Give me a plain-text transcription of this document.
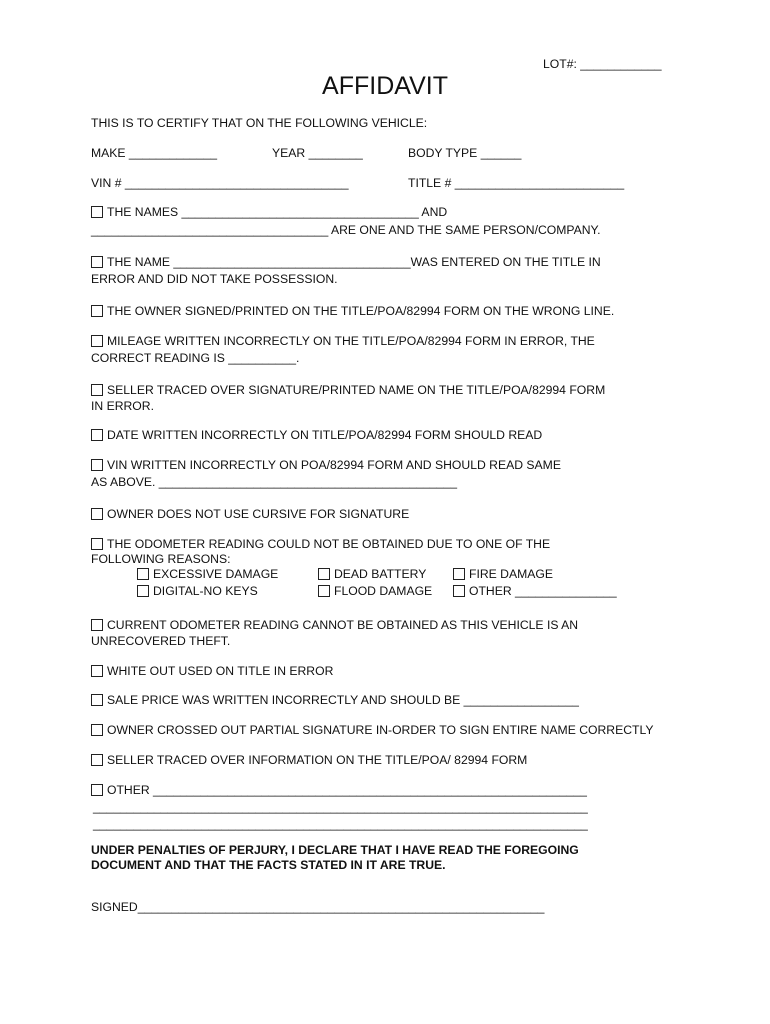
LOT#: ____________
AFFIDAVIT
THIS IS TO CERTIFY THAT ON THE FOLLOWING VEHICLE:
MAKE _____________	YEAR ________	BODY TYPE ______
VIN # _________________________________	TITLE # _________________________
THE NAMES ___________________________________ AND
___________________________________ ARE ONE AND THE SAME PERSON/COMPANY.
THE NAME ___________________________________WAS ENTERED ON THE TITLE IN
ERROR AND DID NOT TAKE POSSESSION.
THE OWNER SIGNED/PRINTED ON THE TITLE/POA/82994 FORM ON THE WRONG LINE.
MILEAGE WRITTEN INCORRECTLY ON THE TITLE/POA/82994 FORM IN ERROR, THE
CORRECT READING IS __________.
SELLER TRACED OVER SIGNATURE/PRINTED NAME ON THE TITLE/POA/82994 FORM
IN ERROR.
DATE WRITTEN INCORRECTLY ON TITLE/POA/82994 FORM SHOULD READ
VIN WRITTEN INCORRECTLY ON POA/82994 FORM AND SHOULD READ SAME
AS ABOVE. ____________________________________________
OWNER DOES NOT USE CURSIVE FOR SIGNATURE
THE ODOMETER READING COULD NOT BE OBTAINED DUE TO ONE OF THE
FOLLOWING REASONS:
EXCESSIVE DAMAGE	DEAD BATTERY	FIRE DAMAGE
DIGITAL-NO KEYS	FLOOD DAMAGE	OTHER _______________
CURRENT ODOMETER READING CANNOT BE OBTAINED AS THIS VEHICLE IS AN
UNRECOVERED THEFT.
WHITE OUT USED ON TITLE IN ERROR
SALE PRICE WAS WRITTEN INCORRECTLY AND SHOULD BE _________________
OWNER CROSSED OUT PARTIAL SIGNATURE IN-ORDER TO SIGN ENTIRE NAME CORRECTLY
SELLER TRACED OVER INFORMATION ON THE TITLE/POA/ 82994 FORM
OTHER ________________________________________________________________
_________________________________________________________________________
_________________________________________________________________________
UNDER PENALTIES OF PERJURY, I DECLARE THAT I HAVE READ THE FOREGOING
DOCUMENT AND THAT THE FACTS STATED IN IT ARE TRUE.
SIGNED____________________________________________________________
